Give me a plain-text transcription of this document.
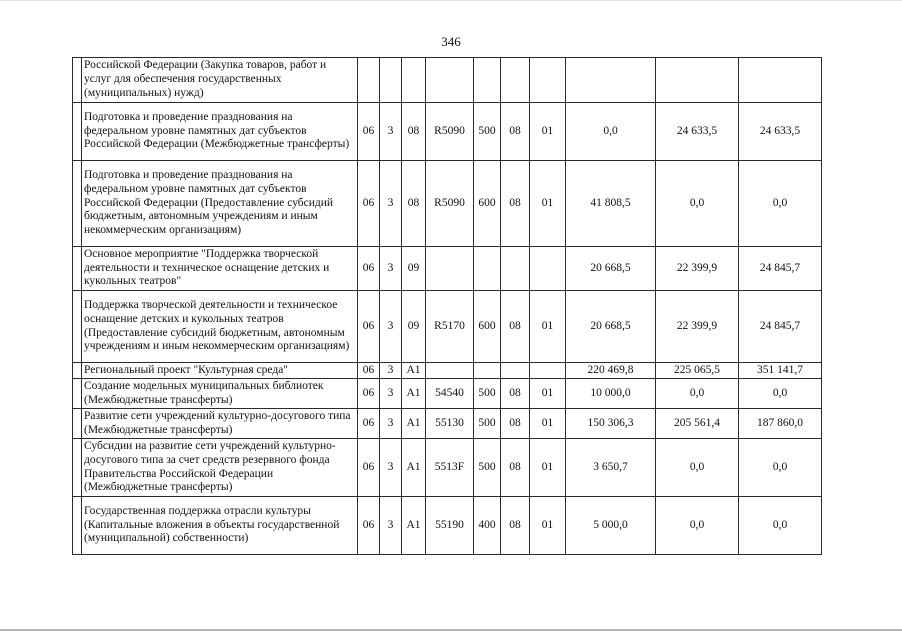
346
	Российской Федерации (Закупка товаров, работ и услуг для обеспечения государственных (муниципальных) нужд)										
	Подготовка и проведение празднования на федеральном уровне памятных дат субъектов Российской Федерации (Межбюджетные трансферты)	06	3	08	R5090	500	08	01	0,0	24 633,5	24 633,5
	Подготовка и проведение празднования на федеральном уровне памятных дат субъектов Российской Федерации (Предоставление субсидий бюджетным, автономным учреждениям и иным некоммерческим организациям)	06	3	08	R5090	600	08	01	41 808,5	0,0	0,0
	Основное мероприятие "Поддержка творческой деятельности и техническое оснащение детских и кукольных театров"	06	3	09					20 668,5	22 399,9	24 845,7
	Поддержка творческой деятельности и техническое оснащение детских и кукольных театров (Предоставление субсидий бюджетным, автономным учреждениям и иным некоммерческим организациям)	06	3	09	R5170	600	08	01	20 668,5	22 399,9	24 845,7
	Региональный проект "Культурная среда"	06	3	A1					220 469,8	225 065,5	351 141,7
	Создание модельных муниципальных библиотек (Межбюджетные трансферты)	06	3	A1	54540	500	08	01	10 000,0	0,0	0,0
	Развитие сети учреждений культурно-досугового типа (Межбюджетные трансферты)	06	3	A1	55130	500	08	01	150 306,3	205 561,4	187 860,0
	Субсидии на развитие сети учреждений культурно-досугового типа за счет средств резервного фонда Правительства Российской Федерации (Межбюджетные трансферты)	06	3	A1	5513F	500	08	01	3 650,7	0,0	0,0
	Государственная поддержка отрасли культуры (Капитальные вложения в объекты государственной (муниципальной) собственности)	06	3	A1	55190	400	08	01	5 000,0	0,0	0,0
